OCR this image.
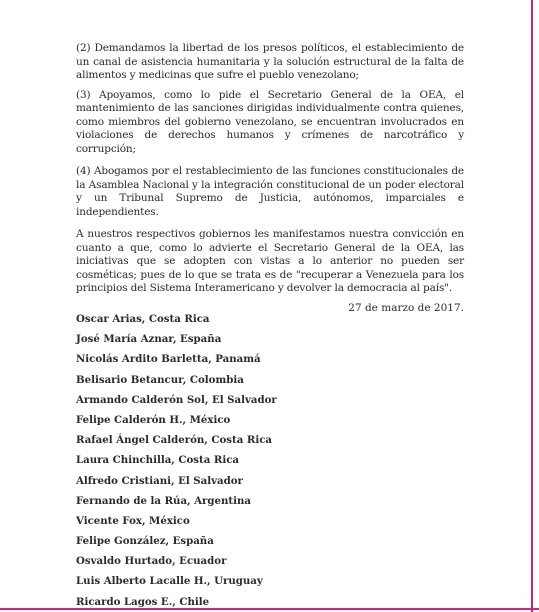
(2) Demandamos la libertad de los presos políticos, el establecimiento de un canal de asistencia humanitaria y la solución estructural de la falta de alimentos y medicinas que sufre el pueblo venezolano;

(3) Apoyamos, como lo pide el Secretario General de la OEA, el mantenimiento de las sanciones dirigidas individualmente contra quienes, como miembros del gobierno venezolano, se encuentran involucrados en violaciones de derechos humanos y crímenes de narcotráfico y corrupción;

(4) Abogamos por el restablecimiento de las funciones constitucionales de la Asamblea Nacional y la integración constitucional de un poder electoral y un Tribunal Supremo de Justicia, autónomos, imparciales e independientes.

A nuestros respectivos gobiernos les manifestamos nuestra convicción en cuanto a que, como lo advierte el Secretario General de la OEA, las iniciativas que se adopten con vistas a lo anterior no pueden ser cosméticas; pues de lo que se trata es de "recuperar a Venezuela para los principios del Sistema Interamericano y devolver la democracia al país".

27 de marzo de 2017.

Oscar Arias, Costa Rica
José María Aznar, España
Nicolás Ardito Barletta, Panamá
Belisario Betancur, Colombia
Armando Calderón Sol, El Salvador
Felipe Calderón H., México
Rafael Ángel Calderón, Costa Rica
Laura Chinchilla, Costa Rica
Alfredo Cristiani, El Salvador
Fernando de la Rúa, Argentina
Vicente Fox, México
Felipe González, España
Osvaldo Hurtado, Ecuador
Luis Alberto Lacalle H., Uruguay
Ricardo Lagos E., Chile
